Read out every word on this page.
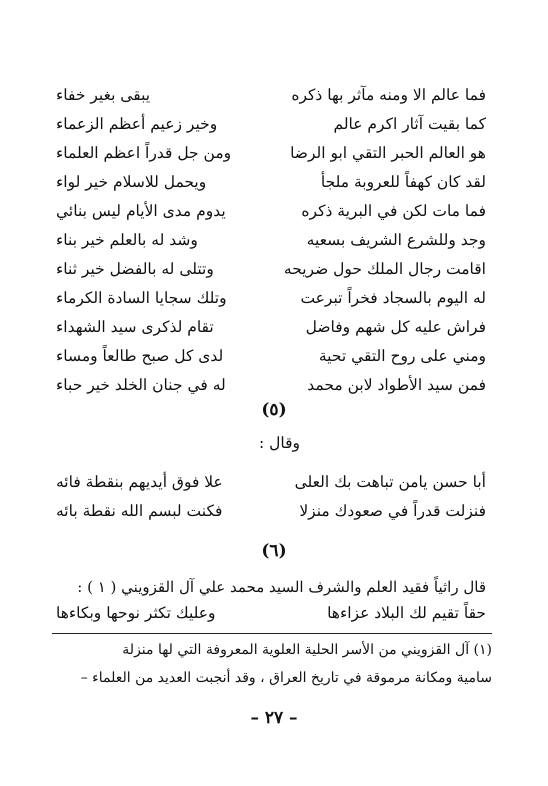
فما عالم الا ومنه مآثر بها ذكره
يبقى بغير خفاء
كما بقيت آثار اكرم عالم
وخير زعيم أعظم الزعماء
هو العالم الحبر التقي ابو الرضا
ومن جل قدراً اعظم العلماء
لقد كان كهفاً للعروبة ملجأ
ويحمل للاسلام خير لواء
فما مات لكن في البرية ذكره
يدوم مدى الأيام ليس بنائي
وجد وللشرع الشريف بسعيه
وشد له بالعلم خير بناء
اقامت رجال الملك حول ضريحه
وتتلى له بالفضل خير ثناء
له اليوم بالسجاد فخراً تبرعت
وتلك سجايا السادة الكرماء
فراش عليه كل شهم وفاضل
تقام لذكرى سيد الشهداء
ومني على روح التقي تحية
لدى كل صبح طالعاً ومساء
فمن سيد الأطواد لابن محمد
له في جنان الخلد خير حباء
(٥)
وقال :
أبا حسن يامن تباهت بك العلى
علا فوق أيديهم بنقطة فائه
فنزلت قدراً في صعودك منزلا
فكنت لبسم الله نقطة بائه
(٦)
قال راثياً فقيد العلم والشرف السيد محمد علي آل القزويني ( ١ ) :
حقاً تقيم لك البلاد عزاءها
وعليك تكثر نوحها وبكاءها
(١) آل القزويني من الأسر الحلية العلوية المعروفة التي لها منزلة
سامية ومكانة مرموقة في تاريخ العراق ، وقد أنجبت العديد من العلماء –
– ٢٧ –
